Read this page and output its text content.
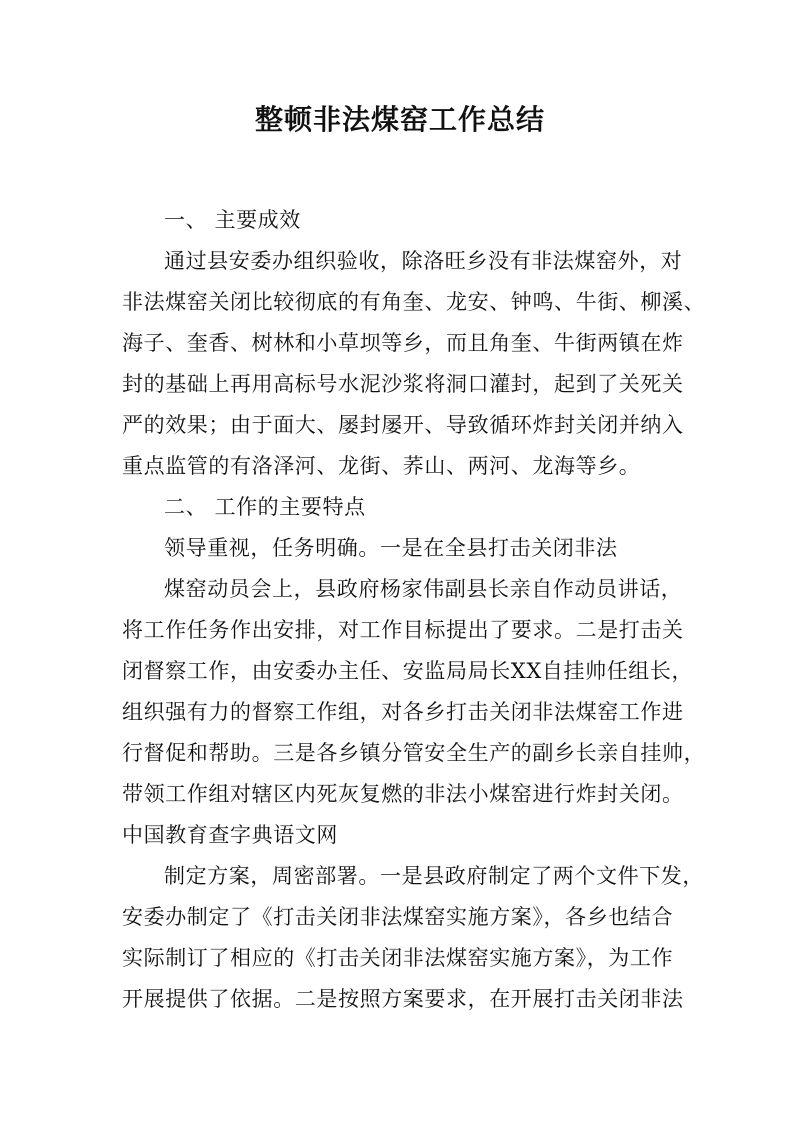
整顿非法煤窑工作总结
一、 主要成效
通过县安委办组织验收，除洛旺乡没有非法煤窑外，对
非法煤窑关闭比较彻底的有角奎、龙安、钟鸣、牛街、柳溪、
海子、奎香、树林和小草坝等乡，而且角奎、牛街两镇在炸
封的基础上再用高标号水泥沙浆将洞口灌封，起到了关死关
严的效果；由于面大、屡封屡开、导致循环炸封关闭并纳入
重点监管的有洛泽河、龙街、荞山、两河、龙海等乡。
二、 工作的主要特点
领导重视，任务明确。一是在全县打击关闭非法
煤窑动员会上，县政府杨家伟副县长亲自作动员讲话，
将工作任务作出安排，对工作目标提出了要求。二是打击关
闭督察工作，由安委办主任、安监局局长XX自挂帅任组长，
组织强有力的督察工作组，对各乡打击关闭非法煤窑工作进
行督促和帮助。三是各乡镇分管安全生产的副乡长亲自挂帅，
带领工作组对辖区内死灰复燃的非法小煤窑进行炸封关闭。
中国教育查字典语文网
制定方案，周密部署。一是县政府制定了两个文件下发，
安委办制定了《打击关闭非法煤窑实施方案》，各乡也结合
实际制订了相应的《打击关闭非法煤窑实施方案》，为工作
开展提供了依据。二是按照方案要求，在开展打击关闭非法
